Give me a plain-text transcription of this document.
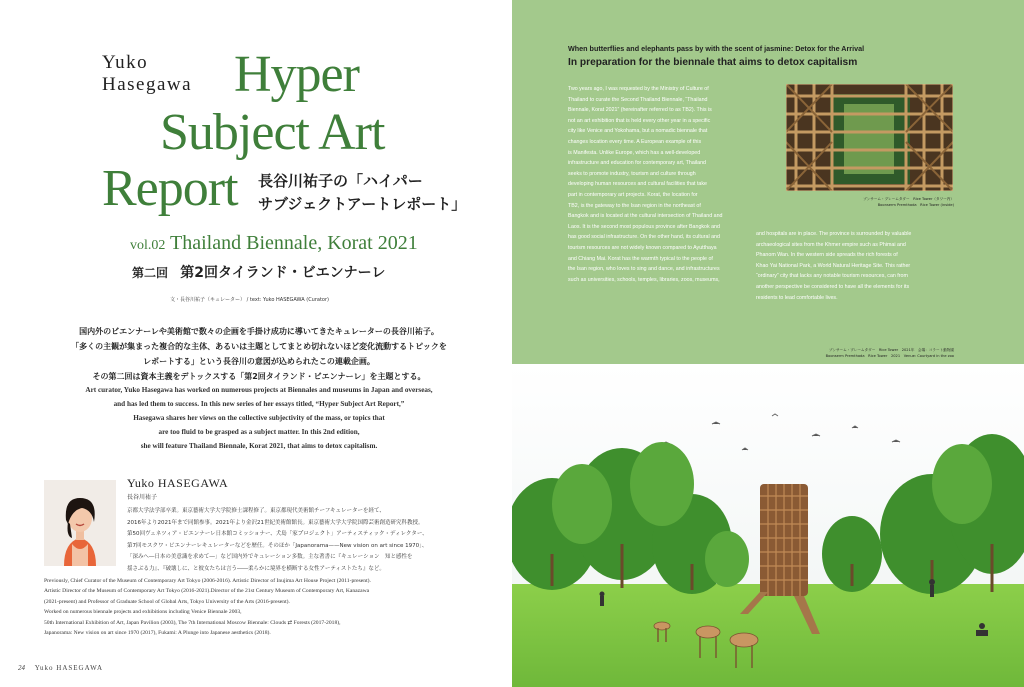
Yuko
Hasegawa Hyper
Subject Art
Report 長谷川祐子の「ハイパー
サブジェクトアートレポート」
vol.02 Thailand Biennale, Korat 2021
第二回 第2回タイランド・ビエンナーレ
文・長谷川祐子（キュレーター） / text: Yuko HASEGAWA (Curator)
国内外のビエンナーレや美術館で数々の企画を手掛け成功に導いてきたキュレーターの長谷川祐子。
「多くの主観が集まった複合的な主体、あるいは主題としてまとめ切れないほど変化流動するトピックを
レポートする」という長谷川の意図が込められたこの連載企画。
その第二回は資本主義をデトックスする「第2回タイランド・ビエンナーレ」を主題とする。
Art curator, Yuko Hasegawa has worked on numerous projects at Biennales and museums in Japan and overseas,
and has led them to success. In this new series of her essays titled, “Hyper Subject Art Report,”
Hasegawa shares her views on the collective subjectivity of the mass, or topics that
are too fluid to be grasped as a subject matter. In this 2nd edition,
she will feature Thailand Biennale, Korat 2021, that aims to detox capitalism.
Yuko HASEGAWA
長谷川祐子
京都大学法学部卒業。東京藝術大学大学院修士課程修了。東京都現代美術館チーフキュレーターを経て、
2016年より2021年まで同館参事。2021年より金沢21世紀美術館館長。東京藝術大学大学院国際芸術創造研究科教授。
第50回ヴェネツィア・ビエンナーレ日本館コミッショナー、犬島「家プロジェクト」アーティスティック・ディレクター、
第7回モスクワ・ビエンナーレキュレーターなどを歴任。そのほか「Japanorama——New vision on art since 1970」、
「深みへ―日本の美意識を求めて―」など国内外でキュレーション多数。主な著書に『キュレーション　知と感性を
揺さぶる力』、『破壊しに、と彼女たちは言う――柔らかに境界を横断する女性アーティストたち』など。
Previously, Chief Curator of the Museum of Contemporary Art Tokyo (2006-2016). Artistic Director of Inujima Art House Project (2011-present).
Artistic Director of the Museum of Contemporary Art Tokyo (2016-2021).Director of the 21st Century Museum of Contemporary Art, Kanazawa
(2021-present) and Professor of Graduate School of Global Arts, Tokyo University of the Arts (2016-present).
Worked on numerous biennale projects and exhibitions including Venice Biennale 2003,
50th International Exhibition of Art, Japan Pavilion (2003), The 7th International Moscow Biennale: Clouds ⇄ Forests (2017-2018),
Japanorama: New vision on art since 1970 (2017), Fukami: A Plunge into Japanese aesthetics (2018).
24 Yuko HASEGAWA
When butterflies and elephants pass by with the scent of jasmine: Detox for the Arrival
In preparation for the biennale that aims to detox capitalism
Two years ago, I was requested by the Ministry of Culture of
Thailand to curate the Second Thailand Biennale, “Thailand
Biennale, Korat 2021” (hereinafter referred to as TB2). This is
not an art exhibition that is held every other year in a specific
city like Venice and Yokohama, but a nomadic biennale that
changes location every time. A European example of this
is Manifesta. Unlike Europe, which has a well-developed
infrastructure and education for contemporary art, Thailand
seeks to promote industry, tourism and culture through
developing human resources and cultural facilities that take
part in contemporary art projects. Korat, the location for
TB2, is the gateway to the Isan region in the northeast of
Bangkok and is located at the cultural intersection of Thailand and
Laos. It is the second most populous province after Bangkok and
has good social infrastructure. On the other hand, its cultural and
tourism resources are not widely known compared to Ayutthaya
and Chiang Mai. Korat has the warmth typical to the people of
the Isan region, who loves to sing and dance, and infrastructures
such as universities, schools, temples, libraries, zoos, museums,
ブンサーム・プレームタダー　Rice Tower（タワー内）
Boonserm Premthada　Rice Tower (inside)
and hospitals are in place. The province is surrounded by valuable
archaeological sites from the Khmer empire such as Phimai and
Phanom Wan. In the western side spreads the rich forests of
Khao Yai National Park, a World Natural Heritage Site. This rather
“ordinary” city that lacks any notable tourism resources, can from
another perspective be considered to have all the elements for its
residents to lead comfortable lives.
ブンサーム・プレームタダー　Rice Tower　2021年　会場：コラート動物園
Boonserm Premthada　Rice Tower　2021　Venue: Courtyard in the zoo
